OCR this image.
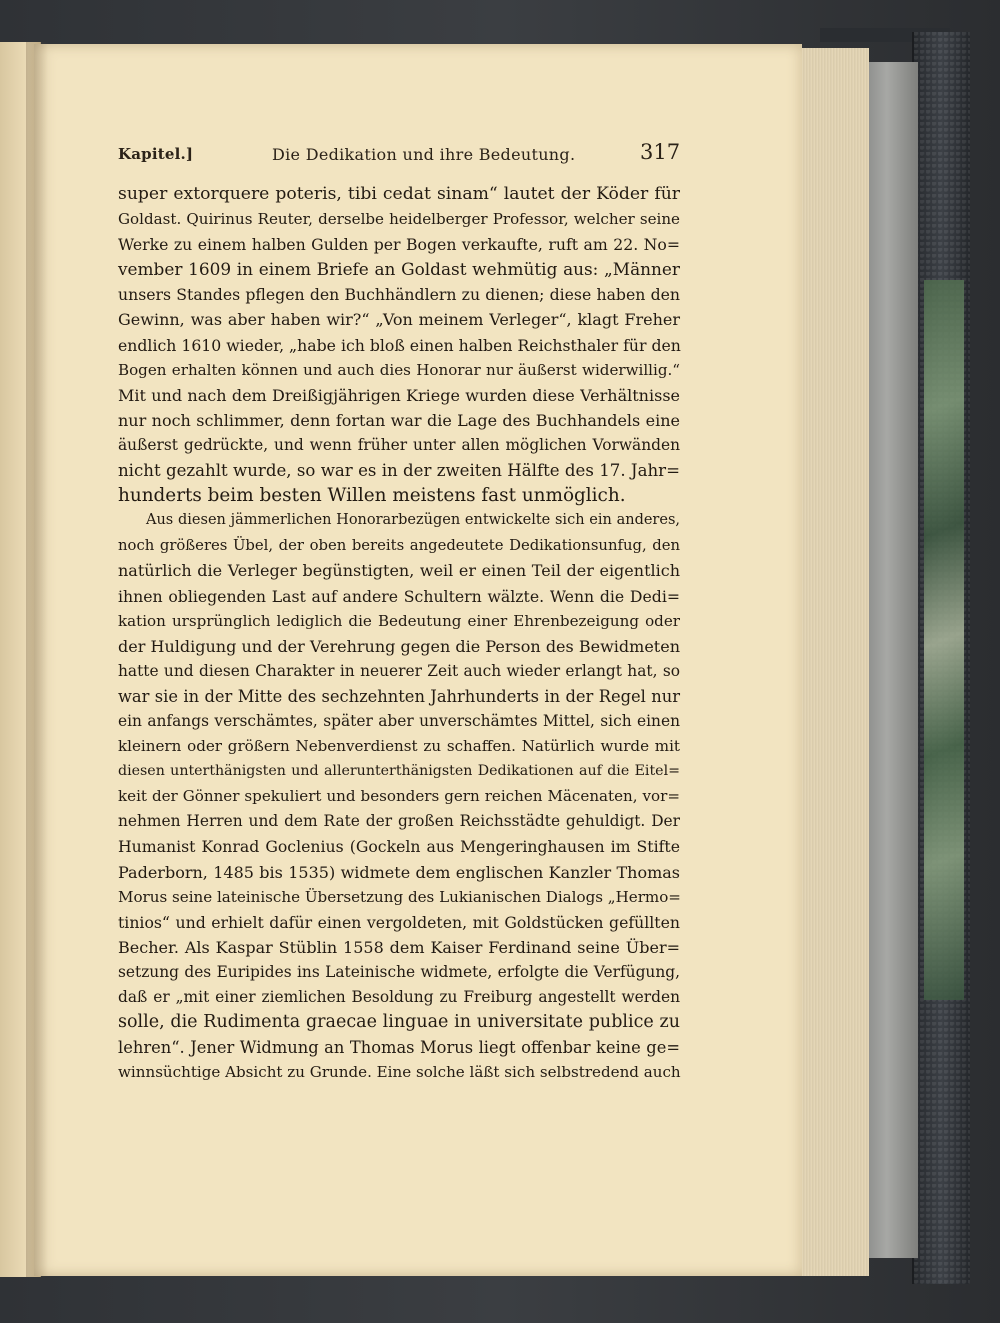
Kapitel.]	Die Dedikation und ihre Bedeutung.	317
super extorquere poteris, tibi cedat sinam“ lautet der Köder für
Goldast. Quirinus Reuter, derselbe heidelberger Professor, welcher seine
Werke zu einem halben Gulden per Bogen verkaufte, ruft am 22. No=
vember 1609 in einem Briefe an Goldast wehmütig aus: „Männer
unsers Standes pflegen den Buchhändlern zu dienen; diese haben den
Gewinn, was aber haben wir?“ „Von meinem Verleger“, klagt Freher
endlich 1610 wieder, „habe ich bloß einen halben Reichsthaler für den
Bogen erhalten können und auch dies Honorar nur äußerst widerwillig.“
Mit und nach dem Dreißigjährigen Kriege wurden diese Verhältnisse
nur noch schlimmer, denn fortan war die Lage des Buchhandels eine
äußerst gedrückte, und wenn früher unter allen möglichen Vorwänden
nicht gezahlt wurde, so war es in der zweiten Hälfte des 17. Jahr=
hunderts beim besten Willen meistens fast unmöglich.
Aus diesen jämmerlichen Honorarbezügen entwickelte sich ein anderes,
noch größeres Übel, der oben bereits angedeutete Dedikationsunfug, den
natürlich die Verleger begünstigten, weil er einen Teil der eigentlich
ihnen obliegenden Last auf andere Schultern wälzte. Wenn die Dedi=
kation ursprünglich lediglich die Bedeutung einer Ehrenbezeigung oder
der Huldigung und der Verehrung gegen die Person des Bewidmeten
hatte und diesen Charakter in neuerer Zeit auch wieder erlangt hat, so
war sie in der Mitte des sechzehnten Jahrhunderts in der Regel nur
ein anfangs verschämtes, später aber unverschämtes Mittel, sich einen
kleinern oder größern Nebenverdienst zu schaffen. Natürlich wurde mit
diesen unterthänigsten und allerunterthänigsten Dedikationen auf die Eitel=
keit der Gönner spekuliert und besonders gern reichen Mäcenaten, vor=
nehmen Herren und dem Rate der großen Reichsstädte gehuldigt. Der
Humanist Konrad Goclenius (Gockeln aus Mengeringhausen im Stifte
Paderborn, 1485 bis 1535) widmete dem englischen Kanzler Thomas
Morus seine lateinische Übersetzung des Lukianischen Dialogs „Hermo=
tinios“ und erhielt dafür einen vergoldeten, mit Goldstücken gefüllten
Becher. Als Kaspar Stüblin 1558 dem Kaiser Ferdinand seine Über=
setzung des Euripides ins Lateinische widmete, erfolgte die Verfügung,
daß er „mit einer ziemlichen Besoldung zu Freiburg angestellt werden
solle, die Rudimenta graecae linguae in universitate publice zu
lehren“. Jener Widmung an Thomas Morus liegt offenbar keine ge=
winnsüchtige Absicht zu Grunde. Eine solche läßt sich selbstredend auch
